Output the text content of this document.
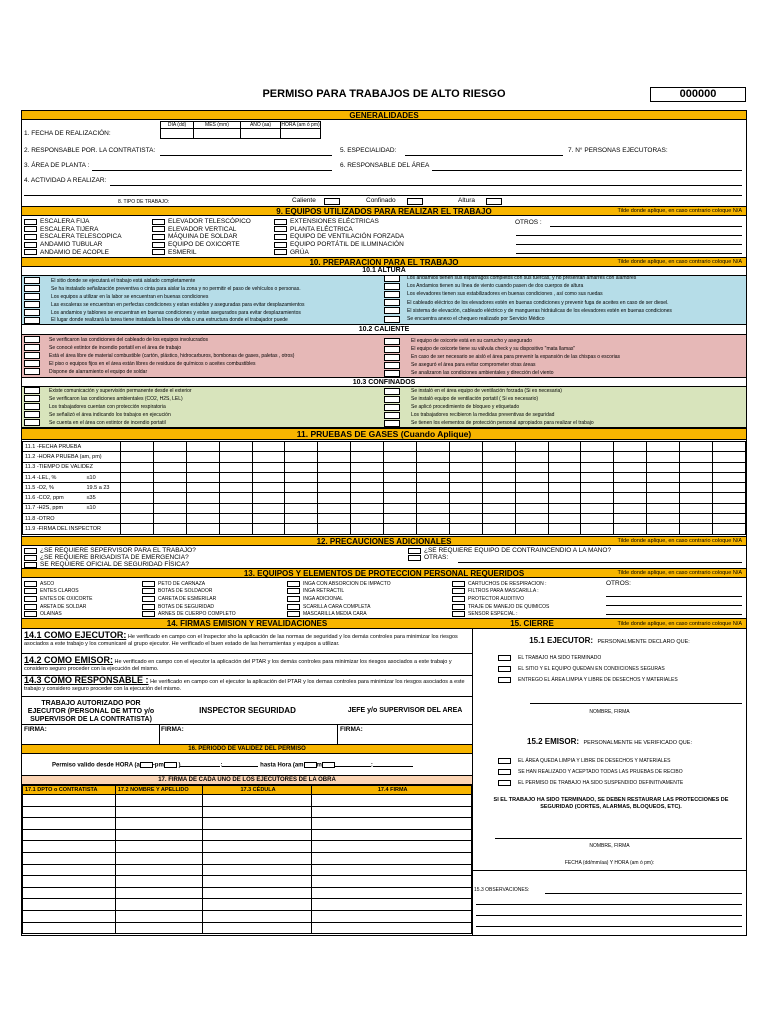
PERMISO PARA TRABAJOS DE ALTO RIESGO	000000
GENERALIDADES
DIA (dd)	MES (mm)	AÑO (aa)	HORA (am ó pm)
1. FECHA DE REALIZACIÓN:
2. RESPONSABLE POR. LA CONTRATISTA:	5. ESPECIALIDAD:	7. N° PERSONAS EJECUTORAS:
3. ÁREA DE PLANTA :	6. RESPONSABLE DEL ÁREA
4. ACTIVIDAD A REALIZAR:
8. TIPO DE TRABAJO:	Caliente	Confinado	Altura
9. EQUIPOS UTILIZADOS PARA REALIZAR EL TRABAJO	Tilde donde aplique, en caso contrario coloque N/A
ESCALERA FIJA
ESCALERA TIJERA
ESCALERA TELESCOPICA
ANDAMIO TUBULAR
ANDAMIO DE ACOPLE
ELEVADOR TELESCÓPICO
ELEVADOR VERTICAL
MÁQUINA DE SOLDAR
EQUIPO DE OXICORTE
ESMERIL
EXTENSIONES ELÉCTRICAS
PLANTA ELÉCTRICA
EQUIPO DE VENTILACIÓN FORZADA
EQUIPO PORTÁTIL DE ILUMINACIÓN
GRÚA
OTROS :
10. PREPARACION PARA EL TRABAJO	Tilde donde aplique, en caso contrario coloque N/A
10.1 ALTURA
El sitio donde se ejecutará el trabajo está aislado completamente
Se ha instalado señalización preventiva o cinta para aislar la zona y no permitir el paso de vehículos o personas.
Los equipos a utilizar en la labor se encuentran en buenas condiciones
Las escaleras se encuentran en perfectas condiciones y estan estables y aseguradas para evitar desplazamientos
Los andamios y tablones se encuentran en buenas condiciones y estan asegurados para evitar desplazamientos
El lugar donde realizará la tarea tiene instalada la línea de vida o una estructura donde el trabajador puede
Los andamios tienen sus esparragos completos con sus tuercas, y no presentan amarres con alambres
Los Andamios tienen su línea de viento cuando pasen de dos cuerpos de altura
Los elevadores tienen sus estabilizadores en buenas condiciones , así como sus ruedas
El cableado eléctrico de los elevadores estén en buenas condiciones y prevenir fuga de aceites en caso de ser diesel.
El sistema de elevación, cableado eléctrico y de mangueras hidráulicas de los elevadores estén en buenas condiciones
Se encuentra anexo el chequeo realizado por Servicio Médico
10.2 CALIENTE
Se verificaron las condiciones del cableado de los equipos involucrados
Se conocé extintor de incendio portatil en el área de trabajo
Está el área libre de material combustible (cartón, plástico, hidrocarburos, bombonas de gases, paletas , otros)
El piso o equipos fijos en el área están libres de residuos de químicos o aceites combustibles
Dispone de alarramiento el equipo de soldar
El equipo de oxicorte está en su carrucho y asegurado
El equipo de oxicorte tiene su válvula check y su dispositivo "mata llamas"
En caso de ser necesario se aisló el área para prevenir la expansión de las chispas o escorias
Se aseguró el área para evitar comprometer otras áreas
Se analizaron las condiciones ambientales y dirección del viento
10.3 CONFINADOS
Existe comunicación y supervisión permanente desde el exterior
Se verificaron las condiciones ambientales (CO2, H2S, LEL)
Los trabajadores cuentan con protección respiratoria
Se señalizó el área indicando los trabajos en ejecución
Se cuenta en el área con extintor de incendio portatil
Se instaló en el área equipo de ventilación forzada (Si es necesaria)
Se instaló equipo de ventilación portatil ( Si es necesario)
Se aplicó procedimiento de bloqueo y etiquetado
Los trabajadores recibieron la medidas preventivas de seguridad
Se tienen los elementos de protección personal apropiados para realizar el trabajo
11. PRUEBAS DE GASES (Cuando Aplique)
11.1 -FECHA PRUEBA																				
11.2 -HORA PRUEBA (am, pm)																				
11.3 -TIEMPO DE VALIDEZ																				
11.4 -LEL, %	≤10																			
11.5 -O2, %	19.5 a 23																			
11.6 -CO2, ppm	≤35																			
11.7 -H2S, ppm	≤10																			
11.8 -OTRO																				
11.9 -FIRMA DEL INSPECTOR																				
12. PRECAUCIONES ADICIONALES	Tilde donde aplique, en caso contrario coloque N/A
¿SE REQUIERE SEPERVISOR PARA EL TRABAJO?
¿SE REQUIERE BRIGADISTA DE EMERGENCIA?
SE REQUIERE OFICIAL DE SEGURIDAD FÍSICA?
¿SE REQUIERE EQUIPO DE CONTRAINCENDIO A LA MANO?
OTRAS:
13. EQUIPOS Y ELEMENTOS DE PROTECCION PERSONAL REQUERIDOS	Tilde donde aplique, en caso contrario coloque N/A
ASCO
ENTES CLAROS
ENTES DE OXICORTE
ARETA DE SOLDAR
OLAINAS
PETO DE CARNAZA
BOTAS DE SOLDADOR
CARETA DE ESMERILAR
BOTAS DE SEGURIDAD
ARNES DE CUERPO COMPLETO
INGA CON ABSORCION DE IMPACTO
INGA RETRACTIL
INGA ADICIONAL
SCARILLA CARA COMPLETA
MASCARILLA MEDIA CARA
CARTUCHOS DE RESPIRACION :
FILTROS PARA MASCARILLA :
PROTECTOR AUDITIVO
TRAJE DE MANEJO DE QUIMICOS
SENSOR ESPECIAL :
OTROS:
14. FIRMAS EMISION Y REVALIDACIONES	15. CIERRE	Tilde donde aplique, en caso contrario coloque N/A
14.1 COMO EJECUTOR: He verificado en campo con el Inspector sho la aplicación de las normas de seguridad y los demás controles para minimizar los riesgos asociados a este trabajo y los comunicaré al grupo ejecutor. He verificado el buen estado de las herramientas y equipos a utilizar.
14.2 COMO EMISOR: He verificado en campo con el ejecutor la aplicación del PTAR y los demás controles para minimizar los riesgos asociados a este trabajo y considero seguro proceder con la ejecución del mismo.
14.3 COMO RESPONSABLE : He verificado en campo con el ejecutor la aplicación del PTAR y los demas controles para minimizar los riesgos asociados a este trabajo y considero seguro proceder con la ejecución del mismo.
TRABAJO AUTORIZADO POR EJECUTOR (PERSONAL DE MTTO y/o SUPERVISOR DE LA CONTRATISTA)
INSPECTOR SEGURIDAD	JEFE y/o SUPERVISOR DEL AREA
FIRMA:	FIRMA:	FIRMA:
16. PERIODO DE VALIDEZ DEL PERMISO
Permiso valido desde HORA (a -pm )	:	hasta Hora (am m	:
17. FIRMA DE CADA UNO DE LOS EJECUTORES DE LA OBRA
17.1 DPTO o CONTRATISTA	17.2 NOMBRE Y APELLIDO	17.3 CÉDULA	17.4 FIRMA

15.1 EJECUTOR: PERSONALMENTE DECLARO QUE:
EL TRABAJO HA SIDO TERMINADO
EL SITIO Y EL EQUIPO QUEDAN EN CONDICIONES SEGURAS
ENTREGO EL ÁREA LIMPIA Y LIBRE DE DESECHOS Y MATERIALES
NOMBRE, FIRMA
15.2 EMISOR: PERSONALMENTE HE VERIFICADO QUE:
EL ÁREA QUEDA LIMPIA Y LIBRE DE DESECHOS Y MATERIALES
SE HAN REALIZADO Y ACEPTADO TODAS LAS PRUEBAS DE RECIBO
EL PERMISO DE TRABAJO HA SIDO SUSPENDIDO DEFINITIVAMENTE
SI EL TRABAJO HA SIDO TERMINADO, SE DEBEN RESTAURAR LAS PROTECCIONES DE SEGURIDAD (CORTES, ALARMAS, BLOQUEOS, ETC).
NOMBRE, FIRMA
FECHA (dd/mm/aa) Y HORA (am ó pm):
15.3 OBSERVACIONES:
